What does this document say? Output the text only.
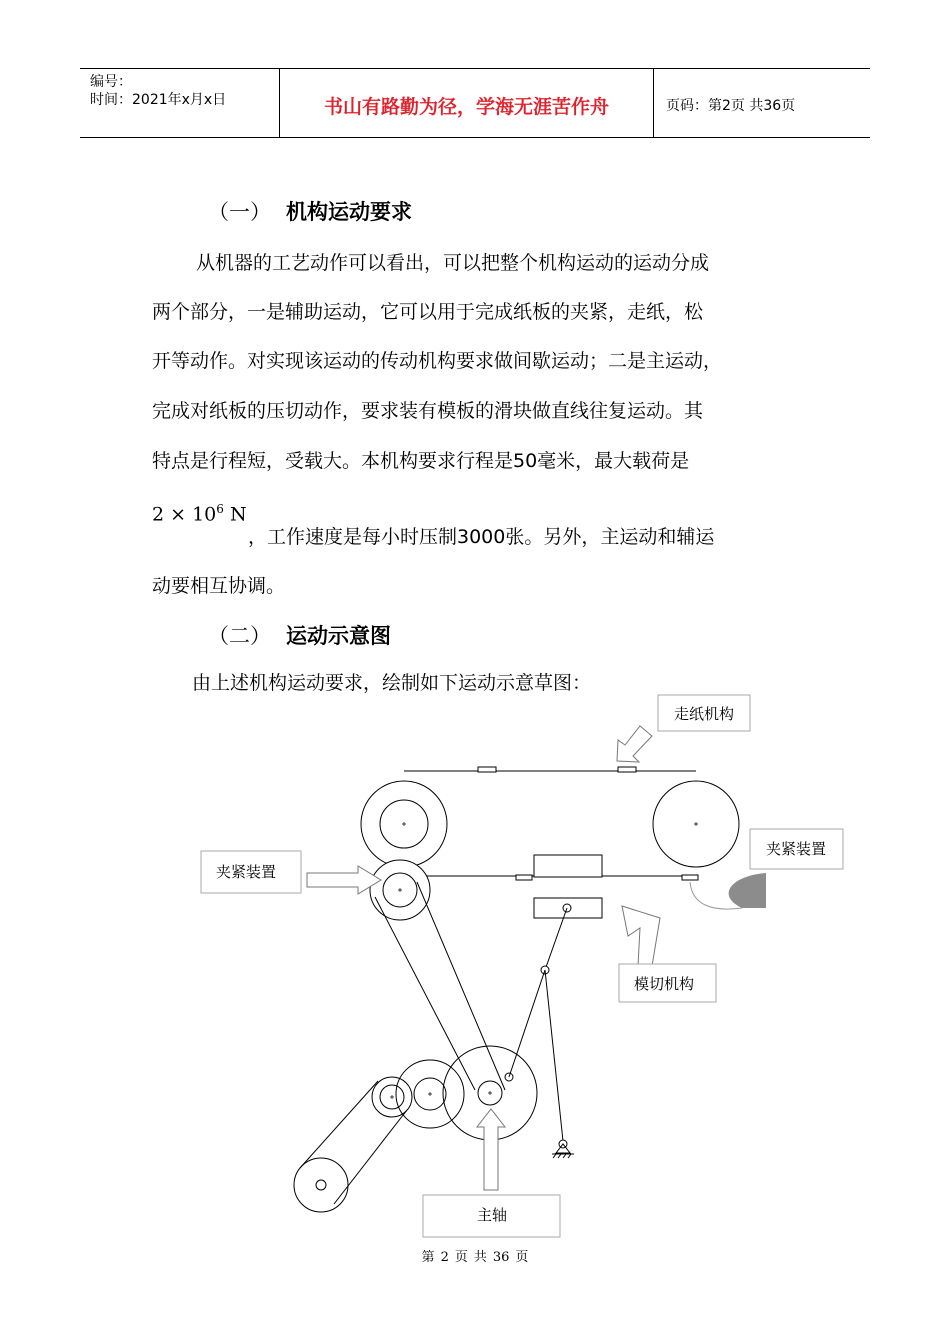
编号：
时间：2021年x月x日	书山有路勤为径，学海无涯苦作舟	页码：第2页 共36页
（一） 机构运动要求
从机器的工艺动作可以看出，可以把整个机构运动的运动分成
两个部分，一是辅助运动，它可以用于完成纸板的夹紧，走纸，松
开等动作。对实现该运动的传动机构要求做间歇运动；二是主运动，
完成对纸板的压切动作，要求装有模板的滑块做直线往复运动。其
特点是行程短，受载大。本机构要求行程是50毫米，最大载荷是
$2 \times 10^6$ N
，工作速度是每小时压制3000张。另外，主运动和辅运
动要相互协调。
（二） 运动示意图
由上述机构运动要求，绘制如下运动示意草图：
走纸机构
夹紧装置
夹紧装置
模切机构
主轴
第 2 页 共 36 页
